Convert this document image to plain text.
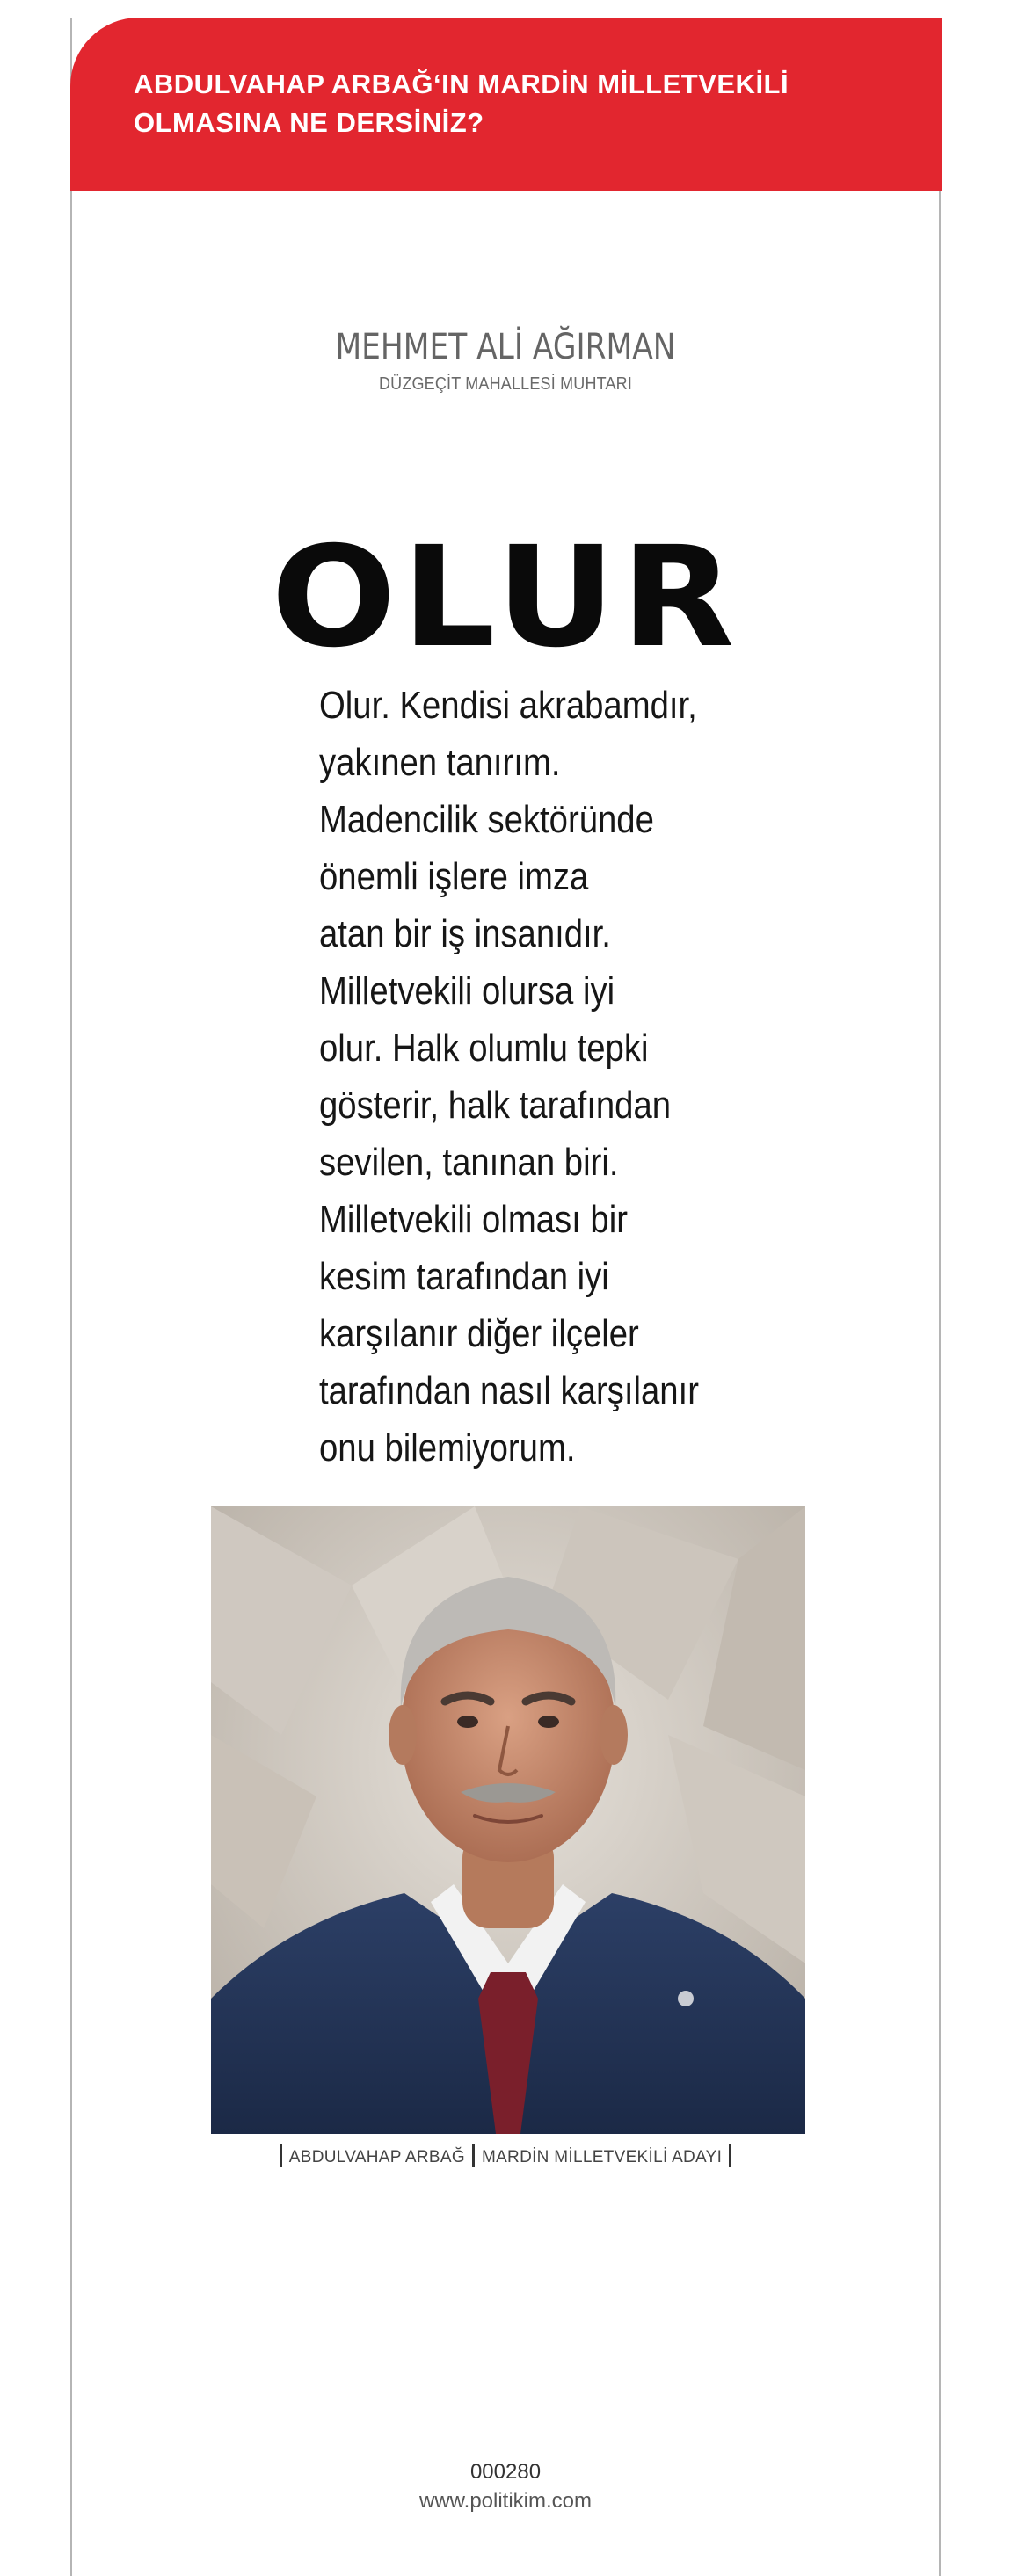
ABDULVAHAP ARBAĞ‘IN MARDİN MİLLETVEKİLİ
OLMASINA NE DERSİNİZ?

MEHMET ALİ AĞIRMAN
DÜZGEÇİT MAHALLESİ MUHTARI
OLUR
Olur. Kendisi akrabamdır,
yakınen tanırım.
Madencilik sektöründe
önemli işlere imza
atan bir iş insanıdır.
Milletvekili olursa iyi
olur. Halk olumlu tepki
gösterir, halk tarafından
sevilen, tanınan biri.
Milletvekili olması bir
kesim tarafından iyi
karşılanır diğer ilçeler
tarafından nasıl karşılanır
onu bilemiyorum.
ABDULVAHAP ARBAĞ MARDİN MİLLETVEKİLİ ADAYI
000280
www.politikim.com
